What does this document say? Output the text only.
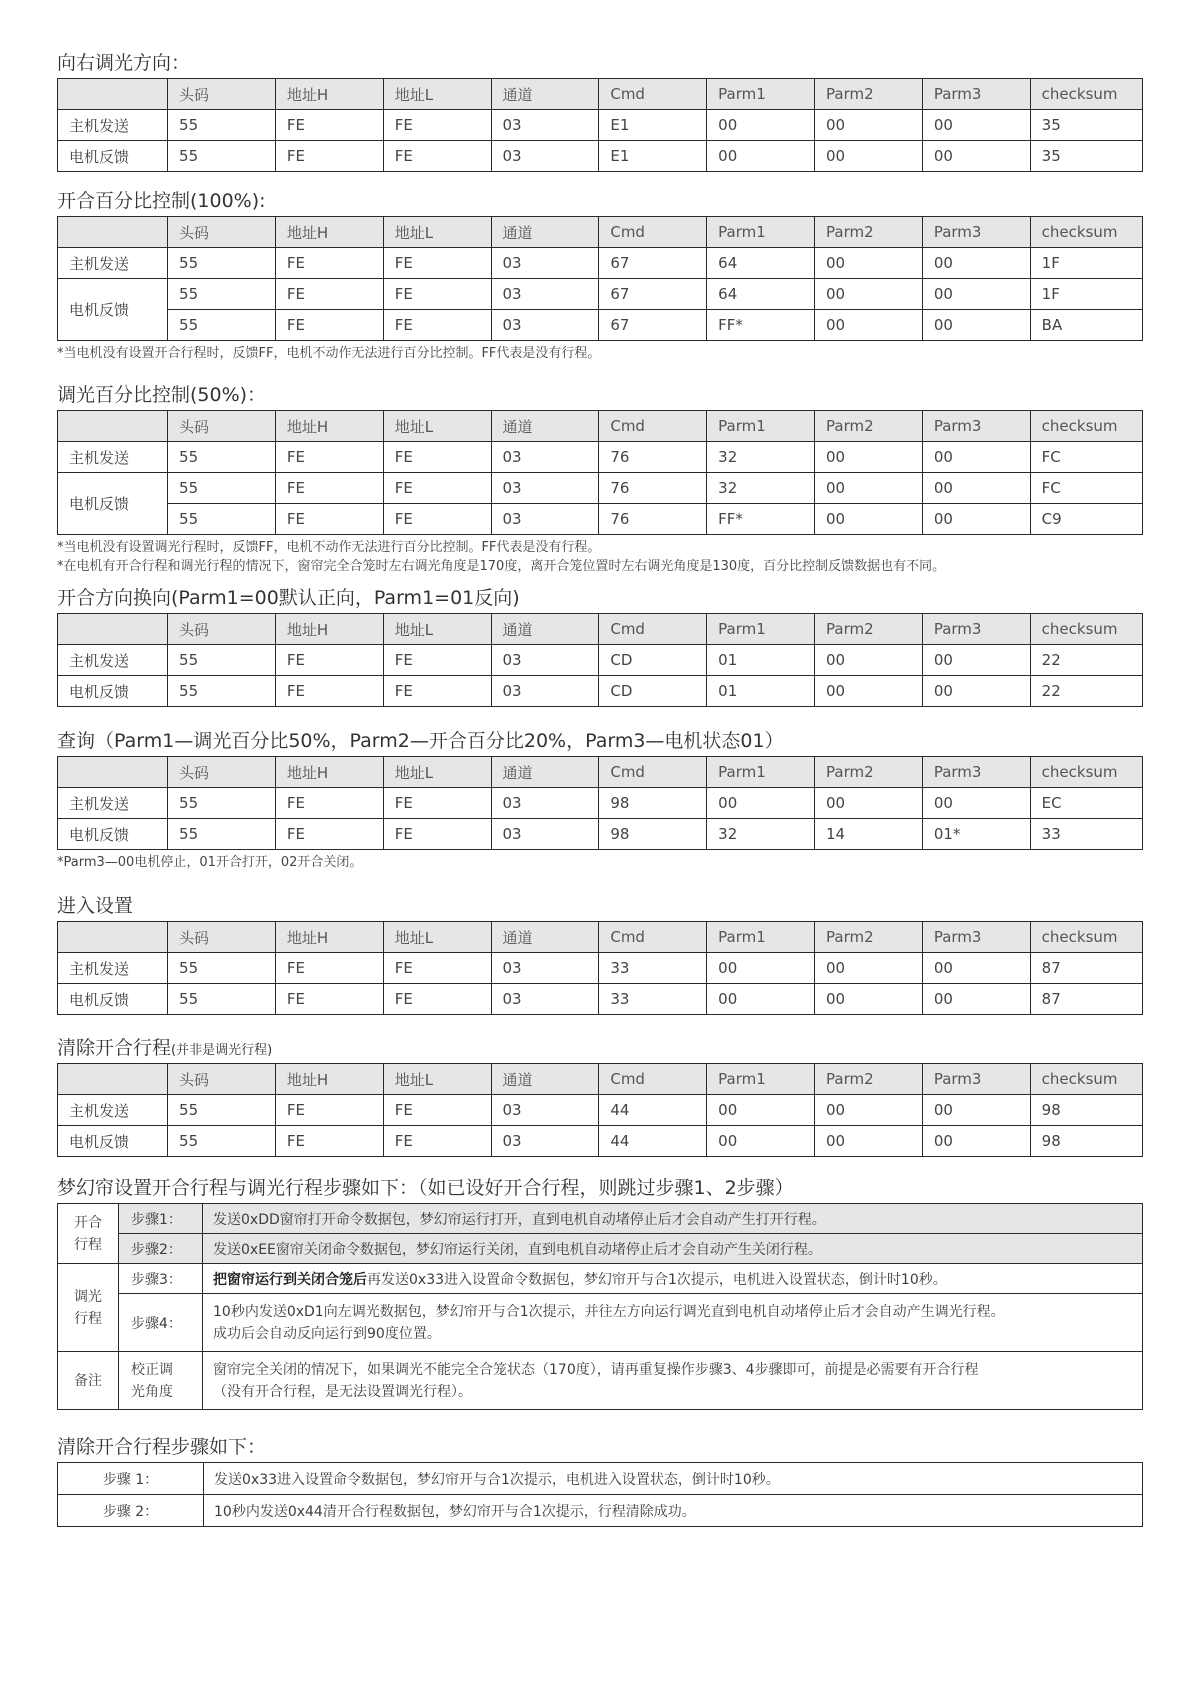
向右调光方向：
	头码	地址H	地址L	通道	Cmd	Parm1	Parm2	Parm3	checksum
主机发送	55	FE	FE	03	E1	00	00	00	35
电机反馈	55	FE	FE	03	E1	00	00	00	35
开合百分比控制(100%):
	头码	地址H	地址L	通道	Cmd	Parm1	Parm2	Parm3	checksum
主机发送	55	FE	FE	03	67	64	00	00	1F
电机反馈	55	FE	FE	03	67	64	00	00	1F
	55	FE	FE	03	67	FF*	00	00	BA
*当电机没有设置开合行程时，反馈FF，电机不动作无法进行百分比控制。FF代表是没有行程。
调光百分比控制(50%)：
	头码	地址H	地址L	通道	Cmd	Parm1	Parm2	Parm3	checksum
主机发送	55	FE	FE	03	76	32	00	00	FC
电机反馈	55	FE	FE	03	76	32	00	00	FC
	55	FE	FE	03	76	FF*	00	00	C9
*当电机没有设置调光行程时，反馈FF，电机不动作无法进行百分比控制。FF代表是没有行程。
*在电机有开合行程和调光行程的情况下，窗帘完全合笼时左右调光角度是170度，离开合笼位置时左右调光角度是130度，百分比控制反馈数据也有不同。
开合方向换向(Parm1=00默认正向，Parm1=01反向)
	头码	地址H	地址L	通道	Cmd	Parm1	Parm2	Parm3	checksum
主机发送	55	FE	FE	03	CD	01	00	00	22
电机反馈	55	FE	FE	03	CD	01	00	00	22
查询（Parm1—调光百分比50%，Parm2—开合百分比20%，Parm3—电机状态01）
	头码	地址H	地址L	通道	Cmd	Parm1	Parm2	Parm3	checksum
主机发送	55	FE	FE	03	98	00	00	00	EC
电机反馈	55	FE	FE	03	98	32	14	01*	33
*Parm3—00电机停止，01开合打开，02开合关闭。
进入设置
	头码	地址H	地址L	通道	Cmd	Parm1	Parm2	Parm3	checksum
主机发送	55	FE	FE	03	33	00	00	00	87
电机反馈	55	FE	FE	03	33	00	00	00	87
清除开合行程(并非是调光行程)
	头码	地址H	地址L	通道	Cmd	Parm1	Parm2	Parm3	checksum
主机发送	55	FE	FE	03	44	00	00	00	98
电机反馈	55	FE	FE	03	44	00	00	00	98
梦幻帘设置开合行程与调光行程步骤如下：（如已设好开合行程，则跳过步骤1、2步骤）
开合行程	步骤1：	发送0xDD窗帘打开命令数据包，梦幻帘运行打开，直到电机自动堵停止后才会自动产生打开行程。
	步骤2：	发送0xEE窗帘关闭命令数据包，梦幻帘运行关闭，直到电机自动堵停止后才会自动产生关闭行程。

调光行程	步骤3：	把窗帘运行到关闭合笼后再发送0x33进入设置命令数据包，梦幻帘开与合1次提示，电机进入设置状态，倒计时10秒。
	步骤4：	10秒内发送0xD1向左调光数据包，梦幻帘开与合1次提示，并往左方向运行调光直到电机自动堵停止后才会自动产生调光行程。
成功后会自动反向运行到90度位置。

备注	校正调光角度	窗帘完全关闭的情况下，如果调光不能完全合笼状态（170度），请再重复操作步骤3、4步骤即可，前提是必需要有开合行程
（没有开合行程，是无法设置调光行程）。
清除开合行程步骤如下：
步骤 1：	发送0x33进入设置命令数据包，梦幻帘开与合1次提示，电机进入设置状态，倒计时10秒。
步骤 2：	10秒内发送0x44清开合行程数据包，梦幻帘开与合1次提示，行程清除成功。
